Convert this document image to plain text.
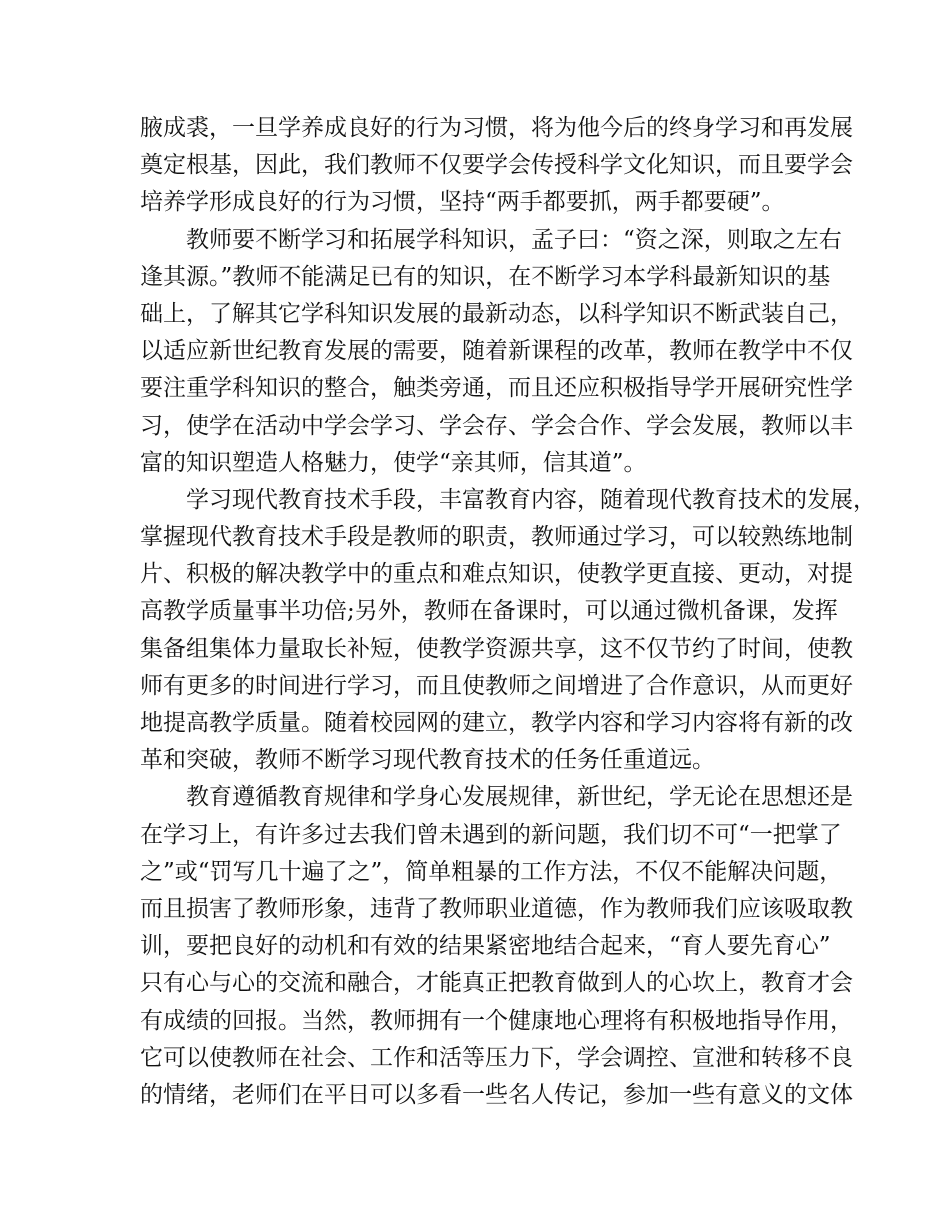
腋成裘，一旦学养成良好的行为习惯，将为他今后的终身学习和再发展
奠定根基，因此，我们教师不仅要学会传授科学文化知识，而且要学会
培养学形成良好的行为习惯，坚持“两手都要抓，两手都要硬”。
教师要不断学习和拓展学科知识，孟子曰：“资之深，则取之左右
逢其源。”教师不能满足已有的知识，在不断学习本学科最新知识的基
础上，了解其它学科知识发展的最新动态，以科学知识不断武装自己，
以适应新世纪教育发展的需要，随着新课程的改革，教师在教学中不仅
要注重学科知识的整合，触类旁通，而且还应积极指导学开展研究性学
习，使学在活动中学会学习、学会存、学会合作、学会发展，教师以丰
富的知识塑造人格魅力，使学“亲其师，信其道”。
学习现代教育技术手段，丰富教育内容，随着现代教育技术的发展，
掌握现代教育技术手段是教师的职责，教师通过学习，可以较熟练地制
片、积极的解决教学中的重点和难点知识，使教学更直接、更动，对提
高教学质量事半功倍;另外，教师在备课时，可以通过微机备课，发挥
集备组集体力量取长补短，使教学资源共享，这不仅节约了时间，使教
师有更多的时间进行学习，而且使教师之间增进了合作意识，从而更好
地提高教学质量。随着校园网的建立，教学内容和学习内容将有新的改
革和突破，教师不断学习现代教育技术的任务任重道远。
教育遵循教育规律和学身心发展规律，新世纪，学无论在思想还是
在学习上，有许多过去我们曾未遇到的新问题，我们切不可“一把掌了
之”或“罚写几十遍了之”，简单粗暴的工作方法，不仅不能解决问题，
而且损害了教师形象，违背了教师职业道德，作为教师我们应该吸取教
训，要把良好的动机和有效的结果紧密地结合起来，“育人要先育心”
只有心与心的交流和融合，才能真正把教育做到人的心坎上，教育才会
有成绩的回报。当然，教师拥有一个健康地心理将有积极地指导作用，
它可以使教师在社会、工作和活等压力下，学会调控、宣泄和转移不良
的情绪，老师们在平日可以多看一些名人传记，参加一些有意义的文体
